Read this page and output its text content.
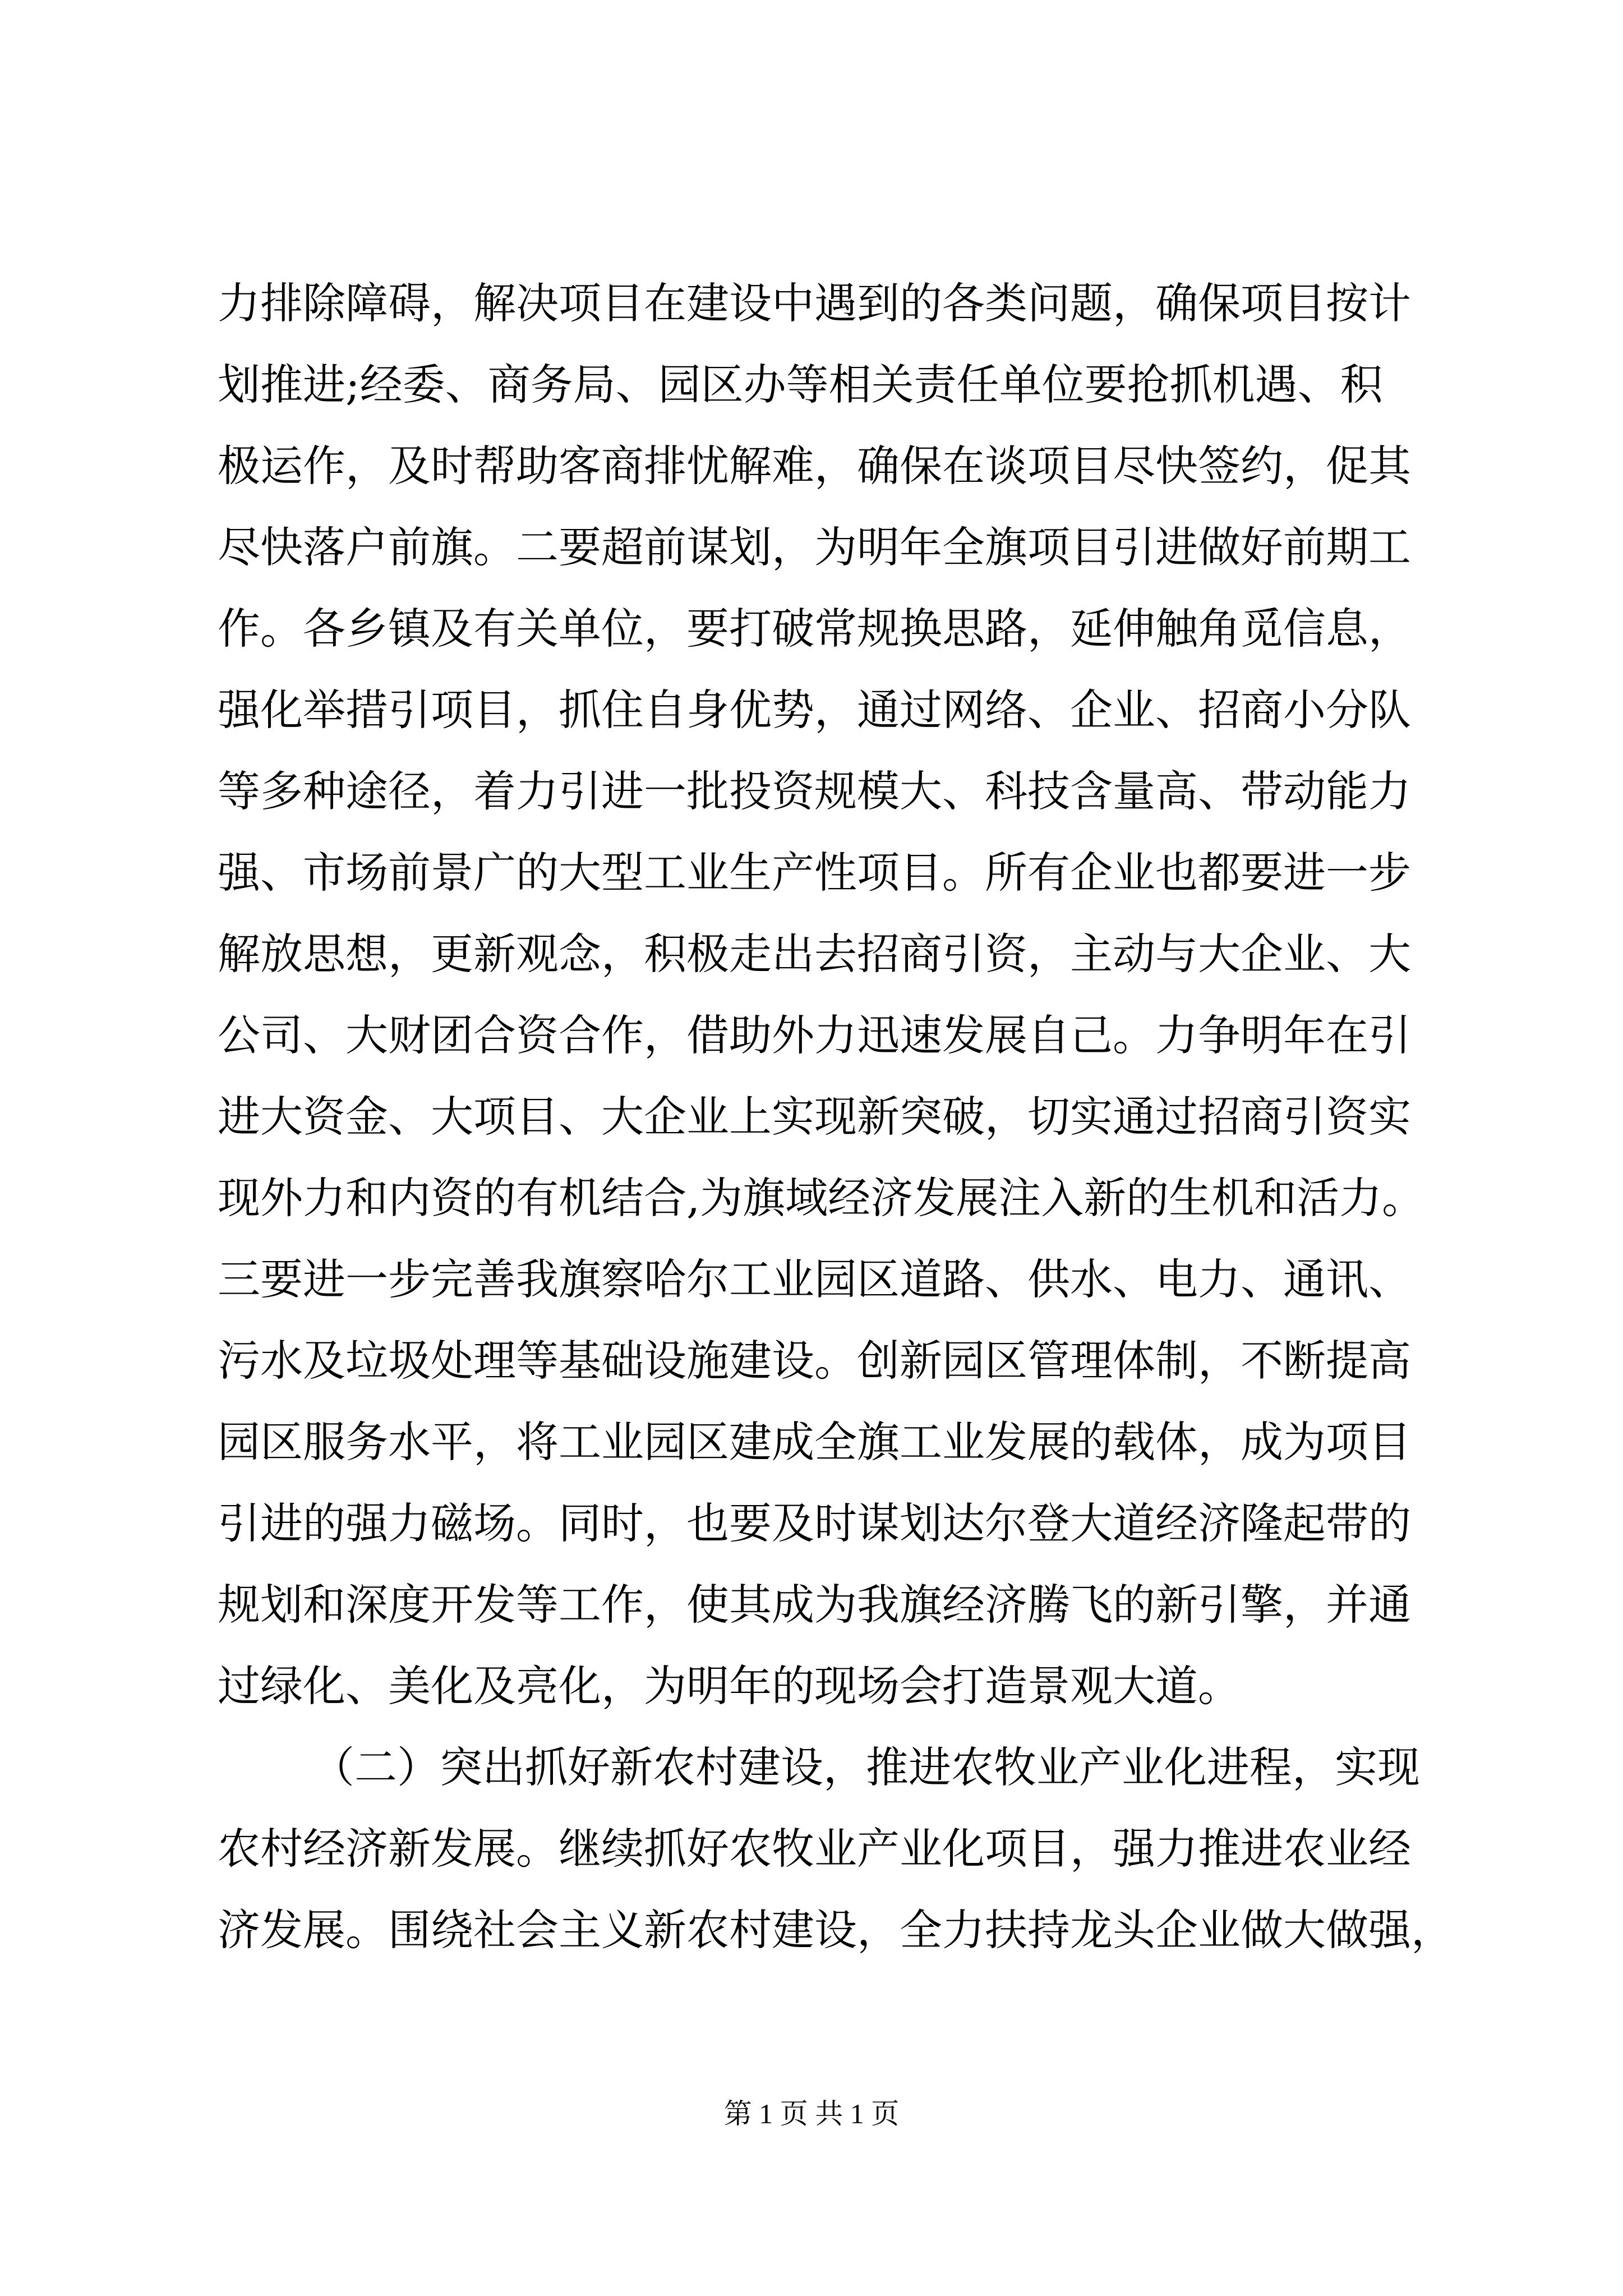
力排除障碍，解决项目在建设中遇到的各类问题，确保项目按计
划推进;经委、商务局、园区办等相关责任单位要抢抓机遇、积
极运作，及时帮助客商排忧解难，确保在谈项目尽快签约，促其
尽快落户前旗。二要超前谋划，为明年全旗项目引进做好前期工
作。各乡镇及有关单位，要打破常规换思路，延伸触角觅信息，
强化举措引项目，抓住自身优势，通过网络、企业、招商小分队
等多种途径，着力引进一批投资规模大、科技含量高、带动能力
强、市场前景广的大型工业生产性项目。所有企业也都要进一步
解放思想，更新观念，积极走出去招商引资，主动与大企业、大
公司、大财团合资合作，借助外力迅速发展自己。力争明年在引
进大资金、大项目、大企业上实现新突破，切实通过招商引资实
现外力和内资的有机结合,为旗域经济发展注入新的生机和活力。
三要进一步完善我旗察哈尔工业园区道路、供水、电力、通讯、
污水及垃圾处理等基础设施建设。创新园区管理体制，不断提高
园区服务水平，将工业园区建成全旗工业发展的载体，成为项目
引进的强力磁场。同时，也要及时谋划达尔登大道经济隆起带的
规划和深度开发等工作，使其成为我旗经济腾飞的新引擎，并通
过绿化、美化及亮化，为明年的现场会打造景观大道。
（二）突出抓好新农村建设，推进农牧业产业化进程，实现
农村经济新发展。继续抓好农牧业产业化项目，强力推进农业经
济发展。围绕社会主义新农村建设，全力扶持龙头企业做大做强，
第 1 页 共 1 页
